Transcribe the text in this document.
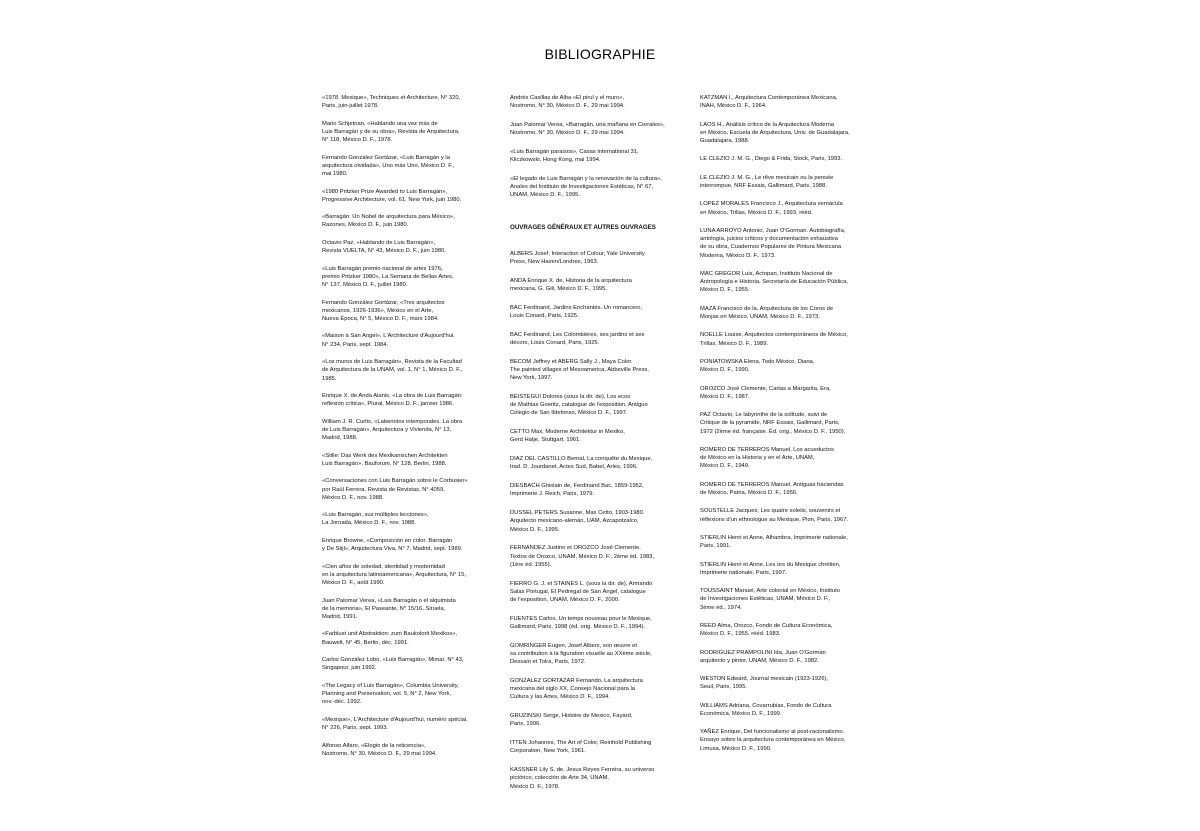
BIBLIOGRAPHIE
«1978. Mexique», Techniques et Architecture, N° 320,
Paris, juin-juillet 1978.
Mario Schjetnan, «Hablando una vez más de
Luis Barragán y de su obra», Revista de Arquitectura,
N° 118, México D. F., 1978.
Fernando González Gortázar, «Luis Barragán y la
arquitectura olvidada», Uno más Uno, México D. F.,
mai 1980.
«1980 Pritzker Prize Awarded to Luis Barragán»,
Progressive Architecture, vol. 61, New York, juin 1980.
«Barragán: Un Nobel de arquitectura para México»,
Razones, México D. F., juin 1980.
Octavio Paz, «Hablando de Luis Barragán»,
Revista VUELTA, N° 43, México D. F., juin 1980.
«Luis Barragán premio nacional de artes 1976,
premio Pritzker 1980», La Semana de Bellas Artes,
N° 137, México D. F., juillet 1980.
Fernando González Gortázar, «Tres arquitectos
mexicanos, 1926-1936», México en el Arte,
Nueva Época, N° 5, México D. F., mars 1984.
«Maison à San Angel», L'Architecture d'Aujourd'hui,
N° 234, Paris, sept. 1984.
«Los muros de Luis Barragán», Revista de la Facultad
de Arquitectura de la UNAM, vol. 1, N° 1, México D. F.,
1985.
Enrique X. de Anda Alanis, «La obra de Luis Barragán:
reflexión crítica», Plural, México D. F., janvier 1986.
William J. R. Curtis, «Laberintos intemporales. La obra
de Luis Barragán», Arquitectura y Vivienda, N° 13,
Madrid, 1988.
«Stille: Das Werk des Mexikanischen Architekten
Luis Barragán», Bauforum, N° 128, Berlin, 1988.
«Conversaciones con Luis Barragán sobre le Corbusier»
por Raúl Ferrera, Revista de Revistas, N° 4059,
México D. F., nov. 1988.
«Luis Barragán, sus múltiples lecciones»,
La Jornada, México D. F., nov. 1988.
Enrique Browne, «Composición en color. Barragán
y De Stijl», Arquitectura Viva, N° 7, Madrid, sept. 1989.
«Cien años de soledad, identidad y modernidad
en la arquitectura latinoamericana», Arquitectura, N° 15,
México D. F., août 1990.
Juan Palomar Verea, «Luis Barragán o el alquimista
de la memoria», El Paseante, N° 15/16, Siruela,
Madrid, 1991.
«Farblust und Abstraktion: zum Baukolorit Mexikos»,
Bauwelt, N° 45, Berlin, déc. 1991.
Carlos González Lobo, «Luis Barragán», Mimar, N° 43,
Singapour, juin 1992.
«The Legacy of Luis Barragán», Columbia University,
Planning and Preservation, vol. 5, N° 2, New York,
nov.-déc. 1992.
«Mexique», L'Architecture d'Aujourd'hui, numéro spécial,
N° 226, Paris, sept. 1993.
Alfonso Alfaro, «Elogio de la reticencia»,
Nostromo, N° 30, México D. F., 29 mai 1994.
Andrés Casillas de Alba «El pirul y el muro»,
Nostromo, N° 30, México D. F., 29 mai 1994.
Juan Palomar Verea, «Barragán, una mañana en Corrales»,
Nostromo, N° 30, México D. F., 29 mai 1994.
«Luis Barragán paraisos», Casas international 31,
Kliczkowski, Hong Kong, mai 1994.
«El legado de Luis Barragán y la renovación de la cultura»,
Anales del Instituto de Investigaciones Estéticas, N° 67,
UNAM, México D. F., 1995.
OUVRAGES GÉNÉRAUX ET AUTRES OUVRAGES
ALBERS Josef, Interaction of Colour, Yale University
Press, New Haven/Londres, 1963.
ANDA Enrique X. de, Historia de la arquitectura
mexicana, G. Gili, México D. F., 1995.
BAC Ferdinand, Jardins Enchantés. Un romancero,
Louis Conard, Paris, 1925.
BAC Ferdinand, Les Colombières, ses jardins et ses
décors, Louis Conard, Paris, 1925.
BECOM Jeffrey et ABERG Sally J., Maya Color.
The painted villages of Mesoamerica, Abbeville Press,
New York, 1997.
BÉISTEGUI Dolores (sous la dir. de), Los ecos
de Mathias Goeritz, catalogue de l'exposition, Antiguo
Colegio de San Ildefonso, México D. F., 1997.
CETTO Max, Moderne Architektur in Mexiko,
Gerd Hatje, Stuttgart, 1961.
DIAZ DEL CASTILLO Bernal, La conquête du Mexique,
trad. D. Jourdanet, Actes Sud, Babel, Arles, 1996.
DIESBACH Ghislain de, Ferdinand Bac, 1859-1952,
Imprimerie J. Reich, Paris, 1979.
DUSSEL PETERS Susanne, Max Cetto, 1903-1980.
Arquitecto mexicano-alemán, UAM, Azcapotzalco,
México D. F., 1995.
FERNANDEZ Justino et OROZCO José Clemente,
Textos de Orozco, UNAM, México D. F., 2ème éd. 1983,
(1ère éd. 1955).
FIERRO G. J. et STAINES L. (sous la dir. de), Armando
Salas Portugal, El Pedregal de San Ángel, catalogue
de l'exposition, UNAM, México D. F., 2000.
FUENTES Carlos, Un temps nouveau pour le Mexique,
Gallimard, Paris, 1998 (éd. orig. México D. F., 1994).
GOMRINGER Eugen, Josef Albers, son œuvre et
sa contribution à la figuration visuelle au XXème siècle,
Dessain et Tolra, Paris, 1972.
GONZALEZ GORTAZAR Fernando, La arquitectura
mexicana del siglo XX, Consejo Nacional para la
Cultura y las Artes, México D. F., 1994.
GRUZINSKI Serge, Histoire de Mexico, Fayard,
Paris, 1996.
ITTEN Johannes, The Art of Color, Reinhold Publishing
Corporation, New York, 1961.
KASSNER Lily S. de, Jesus Reyes Ferreira, su universo
pictórico, colección de Arte 34, UNAM,
México D. F., 1978.
KATZMAN I., Arquitectura Contemporánea Mexicana,
INAH, México D. F., 1964.
LAOS H., Análisis crítico de la Arquitectura Moderna
en México, Escuela de Arquitectura, Univ. de Guadalajara,
Guadalajara, 1988.
LE CLEZIO J. M. G., Diego & Frida, Stock, Paris, 1993.
LE CLEZIO J. M. G., Le rêve mexicain ou la pensée
interrompue, NRF Essais, Gallimard, Paris, 1988.
LOPEZ MORALES Francisco J., Arquitectura vernácula
en México, Trillas, México D. F., 1993, rééd.
LUNA ARROYO Antonio, Juan O'Gorman. Autobiografía,
antología, juicios críticos y documentación exhaustiva
de su obra, Cuadernos Populares de Pintura Mexicana
Moderna, México D. F., 1973.
MAC GREGOR Luis, Actopan, Instituto Nacional de
Antropología e Historia, Secretaría de Educación Pública,
México D. F., 1955.
MAZA Francisco de la, Arquitectura de los Coros de
Monjas en México, UNAM, México D. F., 1973.
NOELLE Louise, Arquitectos contemporáneos de México,
Trillas, México D. F., 1989.
PONIATOWSKA Elena, Todo México, Diana,
México D. F., 1990.
OROZCO José Clemente, Cartas a Margarita, Era,
México D. F., 1987.
PAZ Octavio, Le labyrinthe de la solitude, suivi de
Critique de la pyramide, NRF Essais, Gallimard, Paris,
1972 (2ème éd. française. Éd. orig., México D. F., 1950).
ROMERO DE TERREROS Manuel, Los acueductos
de México en la Historia y en el Arte, UNAM,
México D. F., 1949.
ROMERO DE TERREROS Manuel, Antiguas haciendas
de México, Patria, México D. F., 1956.
SOUSTELLE Jacques, Les quatre soleils, souvenirs et
réflexions d'un ethnologue au Mexique, Plon, Paris, 1967.
STIERLIN Henri et Anne, Alhambra, Imprimerie nationale,
Paris, 1991.
STIERLIN Henri et Anne, Les ors du Mexique chrétien,
Imprimerie nationale, Paris, 1997.
TOUSSAINT Manuel, Arte colonial en México, Instituto
de Investigaciones Estéticas, UNAM, México D. F.,
3ème éd., 1974.
REED Alma, Orozco, Fondo de Cultura Económica,
México D. F., 1955, rééd. 1983.
RODRIGUEZ PRAMPOLINI Ida, Juan O'Gorman
arquitecto y pintor, UNAM, México D. F., 1982.
WESTON Edward, Journal mexicain (1923-1926),
Seuil, Paris, 1995.
WILLIAMS Adriana, Covarrubias, Fondo de Cultura
Económica, México D. F., 1999.
YAÑEZ Enrique, Del funcionalismo al post-racionalismo.
Ensayo sobre la arquitectura contemporánea en México,
Limusa, México D. F., 1990.
